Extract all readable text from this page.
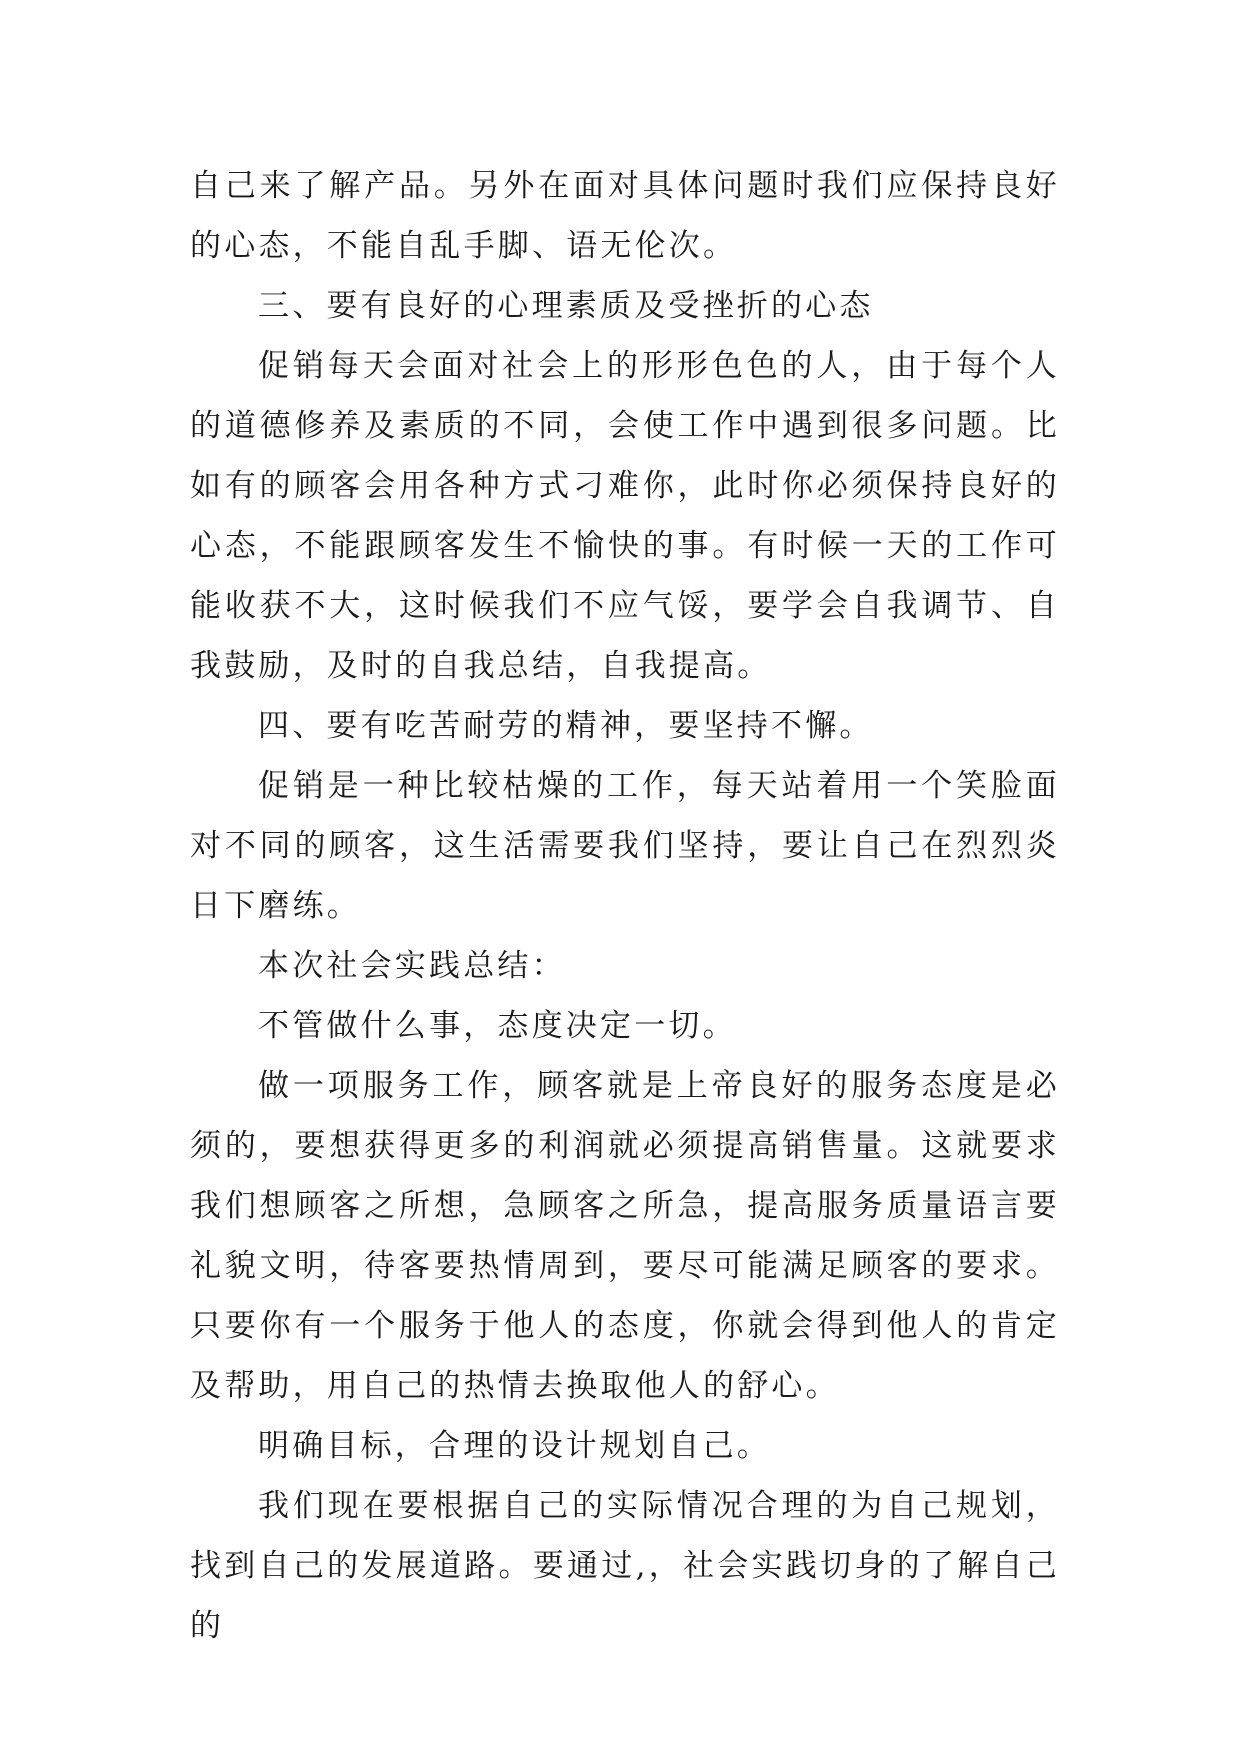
自己来了解产品。另外在面对具体问题时我们应保持良好的心态，不能自乱手脚、语无伦次。

三、要有良好的心理素质及受挫折的心态

促销每天会面对社会上的形形色色的人，由于每个人的道德修养及素质的不同，会使工作中遇到很多问题。比如有的顾客会用各种方式刁难你，此时你必须保持良好的心态，不能跟顾客发生不愉快的事。有时候一天的工作可能收获不大，这时候我们不应气馁，要学会自我调节、自我鼓励，及时的自我总结，自我提高。

四、要有吃苦耐劳的精神，要坚持不懈。

促销是一种比较枯燥的工作，每天站着用一个笑脸面对不同的顾客，这生活需要我们坚持，要让自己在烈烈炎日下磨练。

本次社会实践总结：

不管做什么事，态度决定一切。

做一项服务工作，顾客就是上帝良好的服务态度是必须的，要想获得更多的利润就必须提高销售量。这就要求我们想顾客之所想，急顾客之所急，提高服务质量语言要礼貌文明，待客要热情周到，要尽可能满足顾客的要求。只要你有一个服务于他人的态度，你就会得到他人的肯定及帮助，用自己的热情去换取他人的舒心。

明确目标，合理的设计规划自己。

我们现在要根据自己的实际情况合理的为自己规划，找到自己的发展道路。要通过,，社会实践切身的了解自己的
